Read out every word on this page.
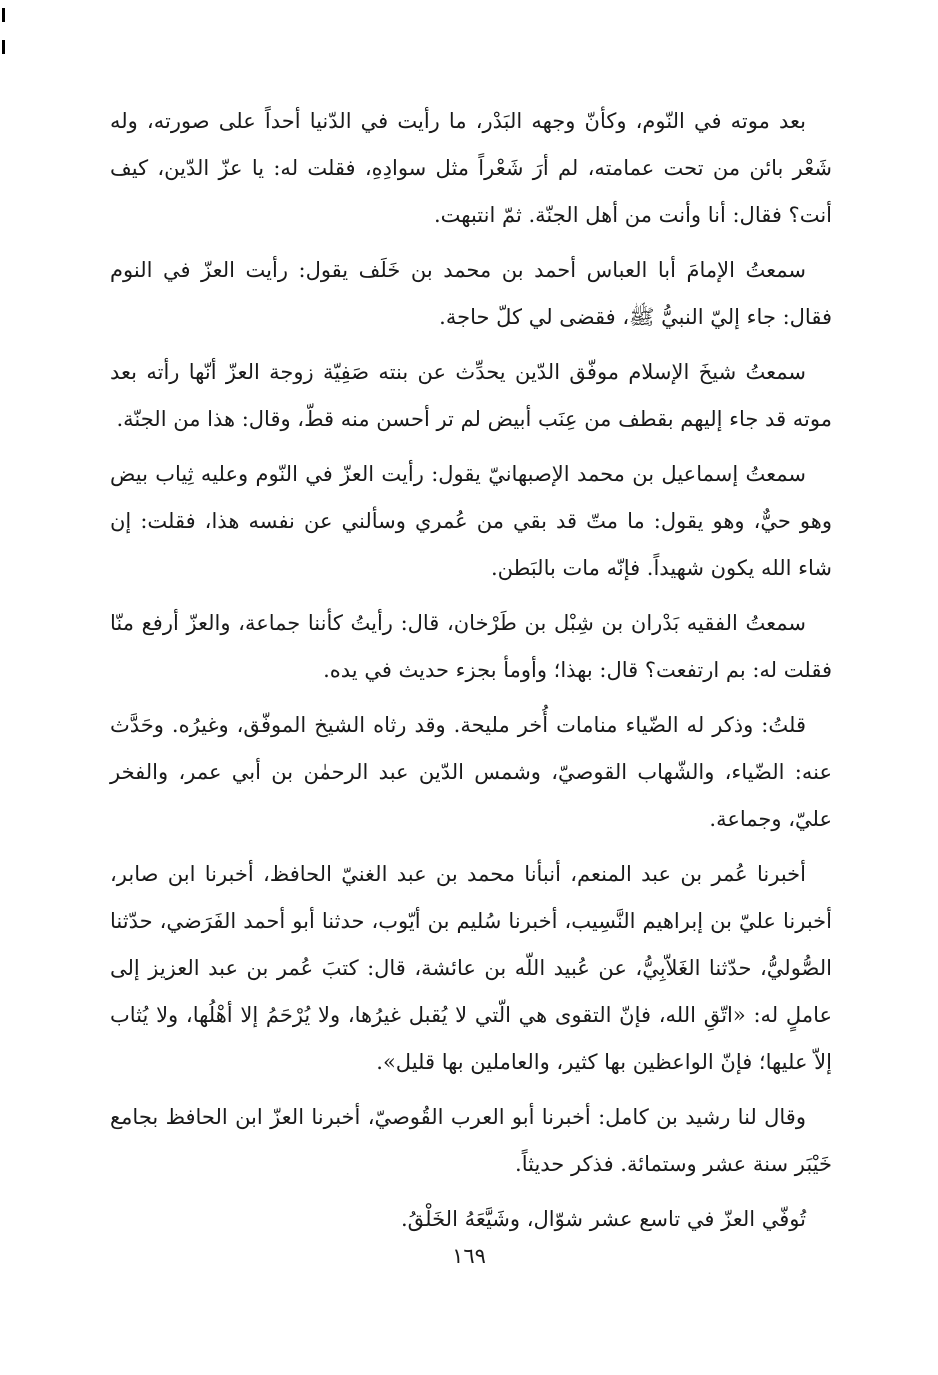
بعد موته في النّوم، وكأنّ وجهه البَدْر، ما رأيت في الدّنيا أحداً على صورته، وله شَعْر بائن من تحت عمامته، لم أرَ شَعْراً مثل سوادِهِ، فقلت له: يا عزّ الدّين، كيف أنت؟ فقال: أنا وأنت من أهل الجنّة. ثمّ انتبهت.

سمعتُ الإمامَ أبا العباس أحمد بن محمد بن خَلَف يقول: رأيت العزّ في النوم فقال: جاء إليّ النبيُّ ﷺ، فقضى لي كلّ حاجة.

سمعتُ شيخَ الإسلام موفّق الدّين يحدِّث عن بنته صَفِيّة زوجة العزّ أنّها رأته بعد موته قد جاء إليهم بقطف من عِنَب أبيض لم تر أحسن منه قطّ، وقال: هذا من الجنّة.

سمعتُ إسماعيل بن محمد الإصبهانيّ يقول: رأيت العزّ في النّوم وعليه ثِياب بيض وهو حيٌّ، وهو يقول: ما متّ قد بقي من عُمري وسألني عن نفسه هذا، فقلت: إن شاء الله يكون شهيداً. فإنّه مات بالبَطن.

سمعتُ الفقيه بَدْران بن شِبْل بن طَرْخان، قال: رأيتُ كأننا جماعة، والعزّ أرفع منّا فقلت له: بم ارتفعت؟ قال: بهذا؛ وأومأ بجزء حديث في يده.

قلتُ: وذكر له الضّياء منامات أُخر مليحة. وقد رثاه الشيخ الموفّق، وغيرُه. وحَدَّث عنه: الضّياء، والشّهاب القوصيّ، وشمس الدّين عبد الرحمٰن بن أبي عمر، والفخر عليّ، وجماعة.

أخبرنا عُمر بن عبد المنعم، أنبأنا محمد بن عبد الغنيّ الحافظ، أخبرنا ابن صابر، أخبرنا عليّ بن إبراهيم النَّسِيب، أخبرنا سُليم بن أيّوب، حدثنا أبو أحمد الفَرَضي، حدّثنا الصُّوليُّ، حدّثنا الغَلاّبِيُّ، عن عُبيد اللّه بن عائشة، قال: كتبَ عُمر بن عبد العزيز إلى عاملٍ له: «اتّقِ الله، فإنّ التقوى هي الّتي لا يُقبل غيرُها، ولا يُرْحَمُ إلا أهْلُها، ولا يُثاب إلاّ عليها؛ فإنّ الواعظين بها كثير، والعاملين بها قليل».

وقال لنا رشيد بن كامل: أخبرنا أبو العرب القُوصيّ، أخبرنا العزّ ابن الحافظ بجامع خَيْبَر سنة عشر وستمائة. فذكر حديثاً.

تُوفّي العزّ في تاسع عشر شوّال، وشَيَّعَهُ الخَلْقُ.

١٦٩
